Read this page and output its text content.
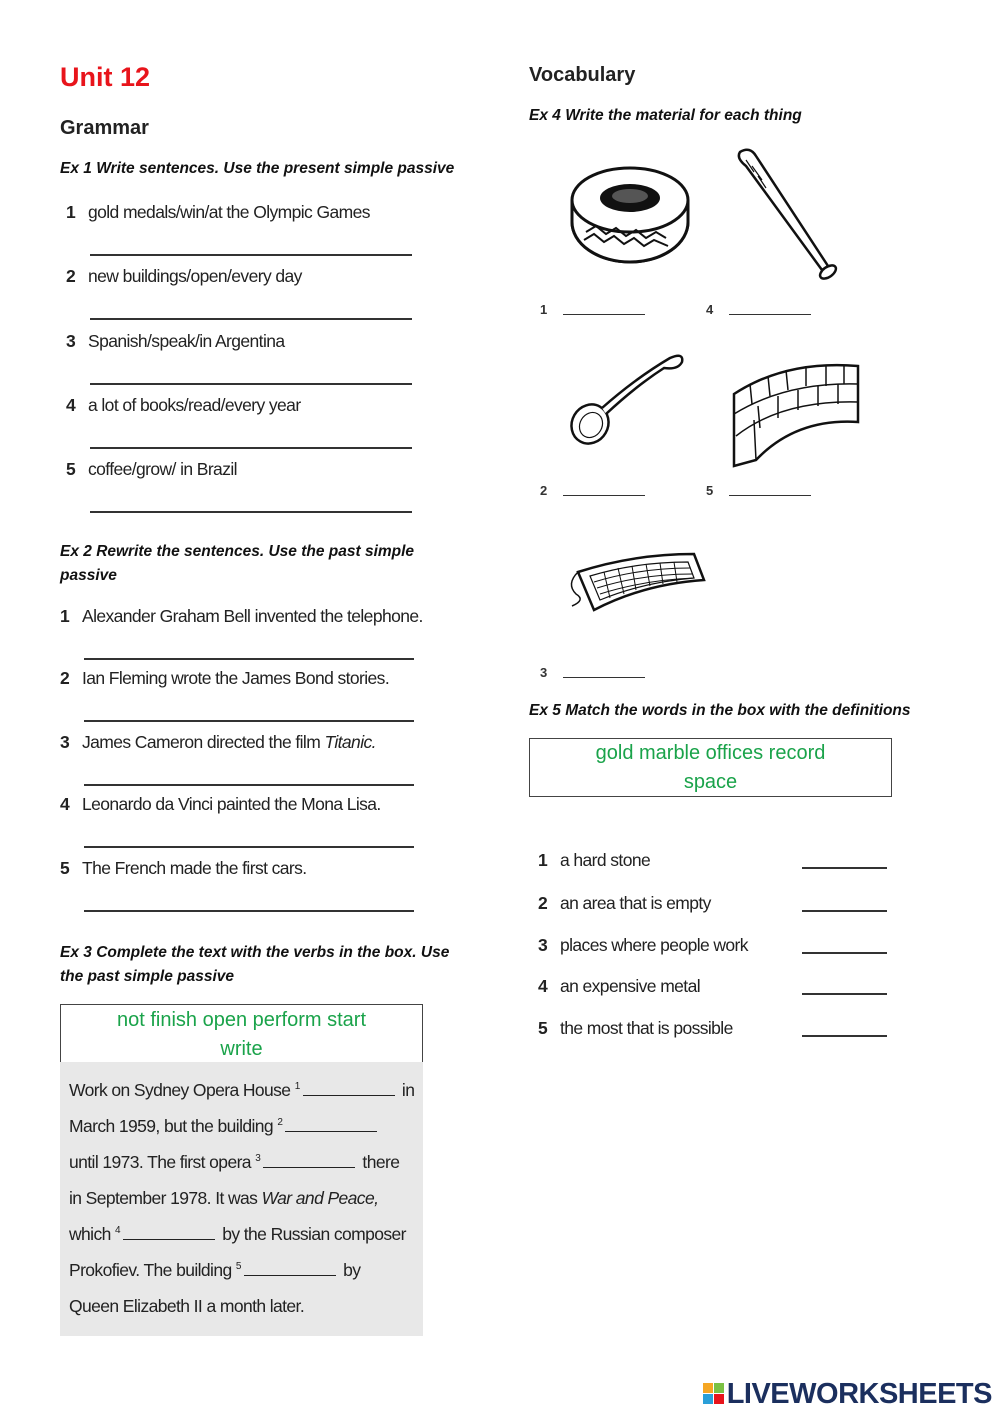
Unit 12
Grammar
Ex 1 Write sentences. Use the present simple passive
1 gold medals/win/at the Olympic Games
2 new buildings/open/every day
3 Spanish/speak/in Argentina
4 a lot of books/read/every year
5 coffee/grow/ in Brazil
Ex 2 Rewrite the sentences. Use the past simple
passive
1 Alexander Graham Bell invented the telephone.
2 Ian Fleming wrote the James Bond stories.
3 James Cameron directed the film Titanic.
4 Leonardo da Vinci painted the Mona Lisa.
5 The French made the first cars.
Ex 3 Complete the text with the verbs in the box. Use
the past simple passive
not finish open perform start
write
Work on Sydney Opera House $^1$	in
March 1959, but the building $^2$
until 1973. The first opera $^3$	there
in September 1978. It was War and Peace,
which $^4$	by the Russian composer
Prokofiev. The building $^5$	by
Queen Elizabeth II a month later.
Vocabulary
Ex 4 Write the material for each thing
1	4
2	5
3
Ex 5 Match the words in the box with the definitions
gold marble offices record
space
1 a hard stone
2 an area that is empty
3 places where people work
4 an expensive metal
5 the most that is possible
LIVEWORKSHEETS
